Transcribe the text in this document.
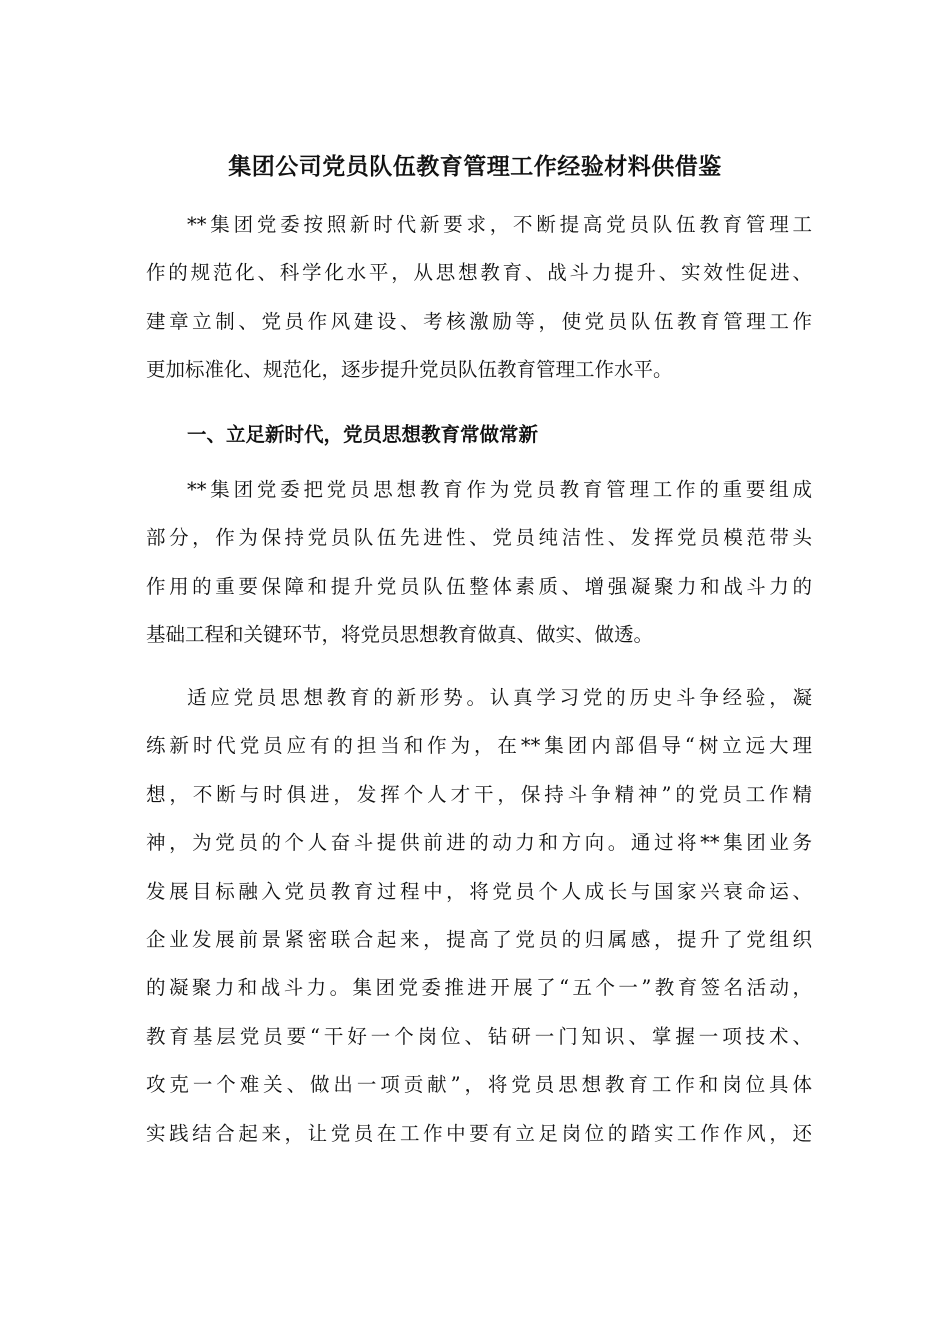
集团公司党员队伍教育管理工作经验材料供借鉴
**集团党委按照新时代新要求，不断提高党员队伍教育管理工
作的规范化、科学化水平，从思想教育、战斗力提升、实效性促进、
建章立制、党员作风建设、考核激励等，使党员队伍教育管理工作
更加标准化、规范化，逐步提升党员队伍教育管理工作水平。
一、立足新时代，党员思想教育常做常新
**集团党委把党员思想教育作为党员教育管理工作的重要组成
部分，作为保持党员队伍先进性、党员纯洁性、发挥党员模范带头
作用的重要保障和提升党员队伍整体素质、增强凝聚力和战斗力的
基础工程和关键环节，将党员思想教育做真、做实、做透。
适应党员思想教育的新形势。认真学习党的历史斗争经验，凝
练新时代党员应有的担当和作为，在**集团内部倡导“树立远大理
想，不断与时俱进，发挥个人才干，保持斗争精神”的党员工作精
神，为党员的个人奋斗提供前进的动力和方向。通过将**集团业务
发展目标融入党员教育过程中，将党员个人成长与国家兴衰命运、
企业发展前景紧密联合起来，提高了党员的归属感，提升了党组织
的凝聚力和战斗力。集团党委推进开展了“五个一”教育签名活动，
教育基层党员要“干好一个岗位、钻研一门知识、掌握一项技术、
攻克一个难关、做出一项贡献”，将党员思想教育工作和岗位具体
实践结合起来，让党员在工作中要有立足岗位的踏实工作作风，还
